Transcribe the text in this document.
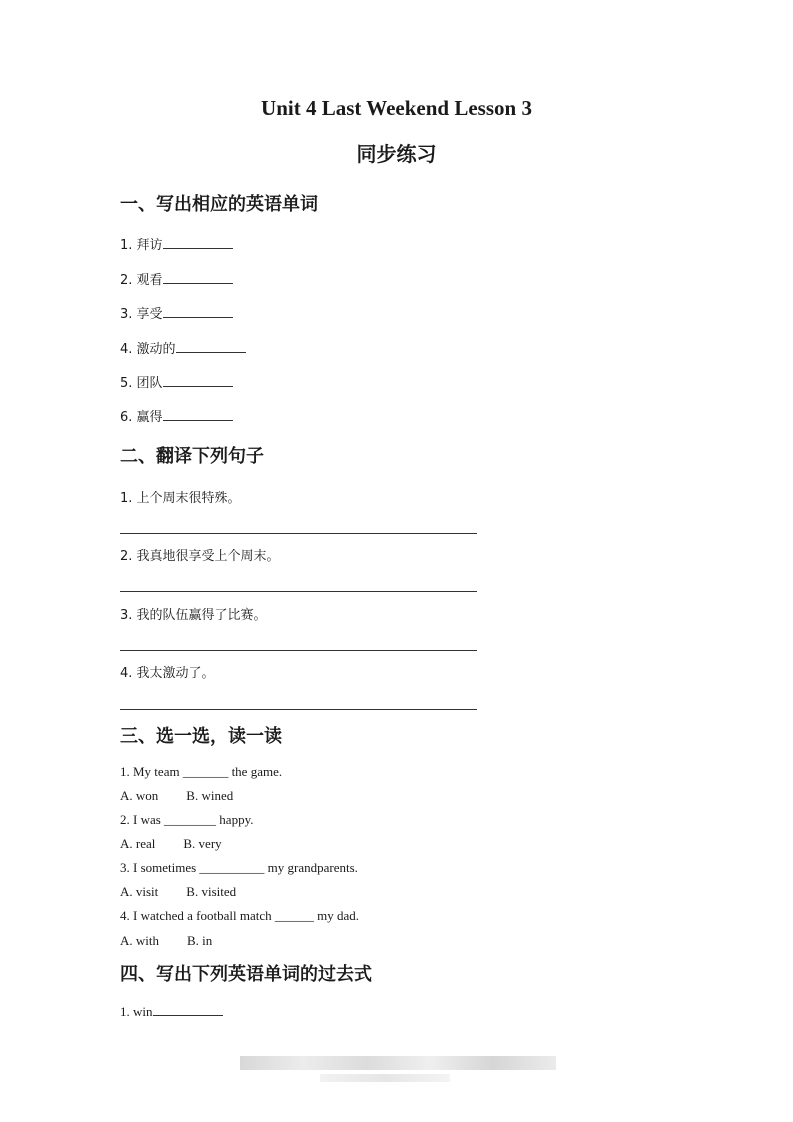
Unit 4 Last Weekend Lesson 3
同步练习
一、写出相应的英语单词
1. 拜访
2. 观看
3. 享受
4. 激动的
5. 团队
6. 赢得
二、翻译下列句子
1. 上个周末很特殊。
2. 我真地很享受上个周末。
3. 我的队伍赢得了比赛。
4. 我太激动了。
三、选一选，读一读
1. My team _______ the game.
A. won B. wined
2. I was ________ happy.
A. real B. very
3. I sometimes __________ my grandparents.
A. visit B. visited
4. I watched a football match ______ my dad.
A. with B. in
四、写出下列英语单词的过去式
1. win
